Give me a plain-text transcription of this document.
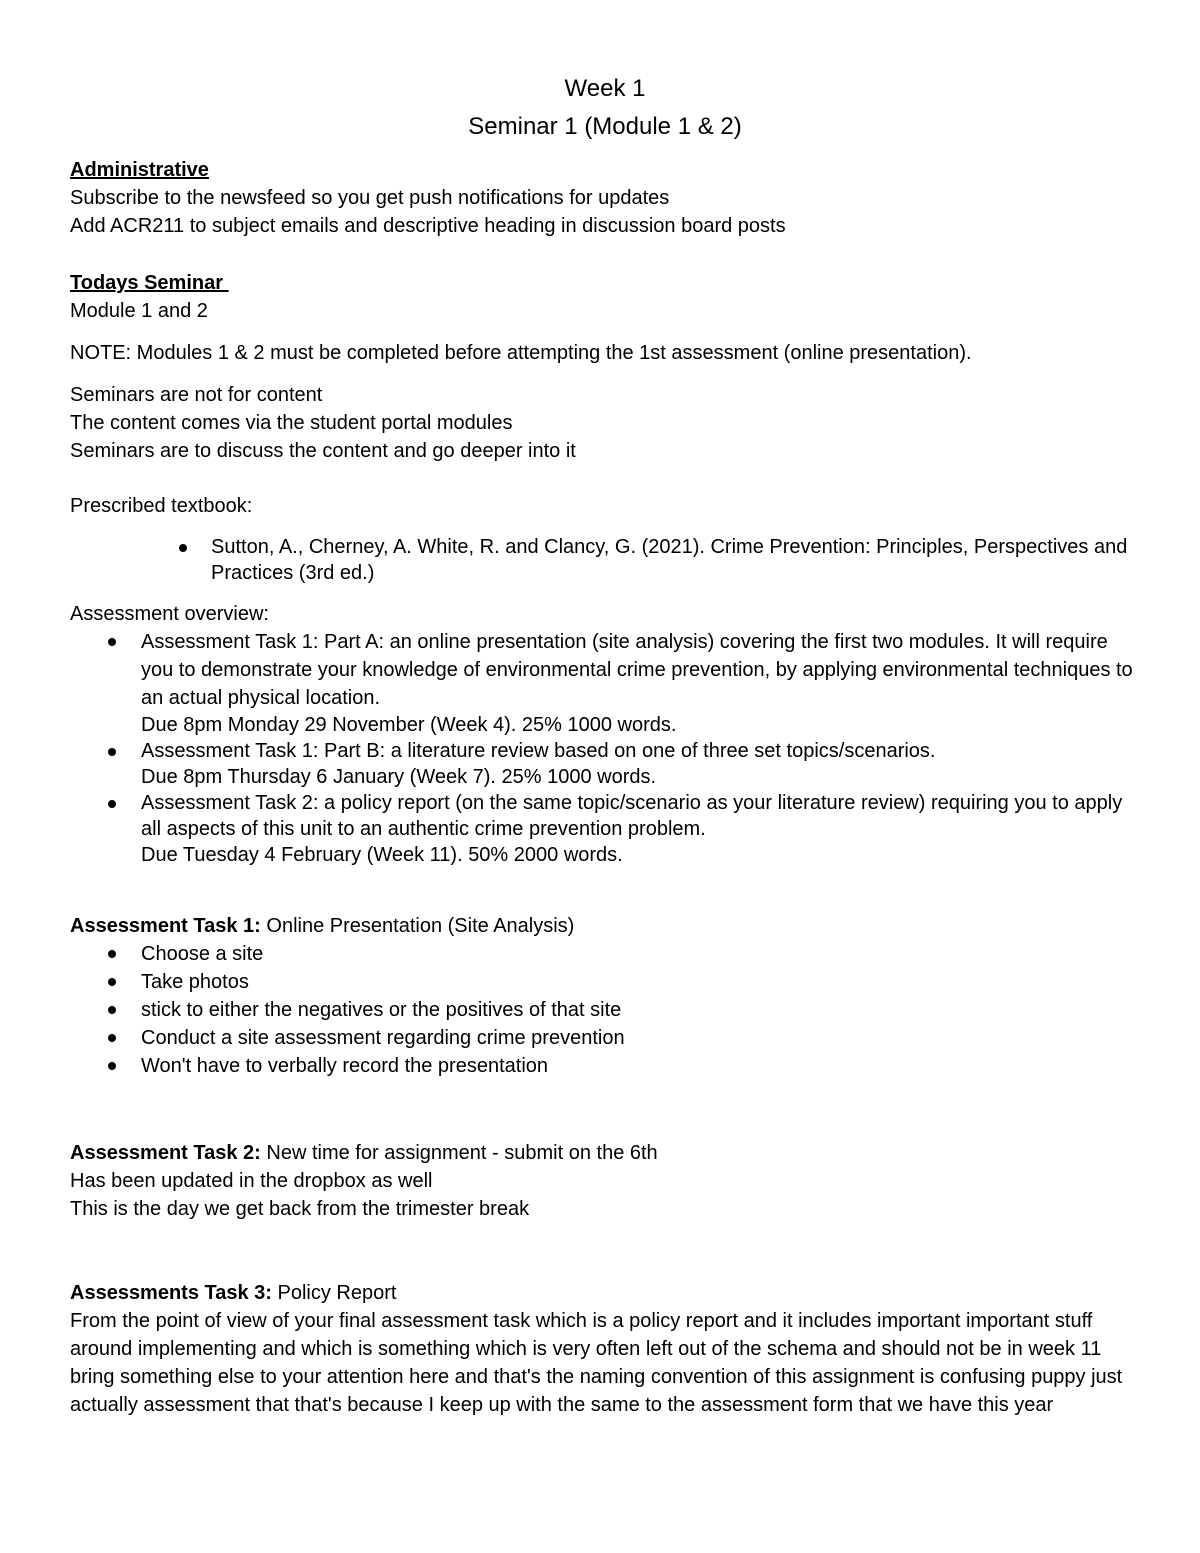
Week 1
Seminar 1 (Module 1 & 2)

Administrative

Subscribe to the newsfeed so you get push notifications for updates

Add ACR211 to subject emails and descriptive heading in discussion board posts

Todays Seminar

Module 1 and 2

NOTE: Modules 1 & 2 must be completed before attempting the 1st assessment (online presentation).

Seminars are not for content

The content comes via the student portal modules

Seminars are to discuss the content and go deeper into it

Prescribed textbook:

Sutton, A., Cherney, A. White, R. and Clancy, G. (2021). Crime Prevention: Principles, Perspectives and Practices (3rd ed.)

Assessment overview:

Assessment Task 1: Part A: an online presentation (site analysis) covering the first two modules. It will require you to demonstrate your knowledge of environmental crime prevention, by applying environmental techniques to an actual physical location.
Due 8pm Monday 29 November (Week 4). 25% 1000 words.
Assessment Task 1: Part B: a literature review based on one of three set topics/scenarios.
Due 8pm Thursday 6 January (Week 7). 25% 1000 words.
Assessment Task 2: a policy report (on the same topic/scenario as your literature review) requiring you to apply all aspects of this unit to an authentic crime prevention problem.
Due Tuesday 4 February (Week 11). 50% 2000 words.

Assessment Task 1: Online Presentation (Site Analysis)

Choose a site
Take photos
stick to either the negatives or the positives of that site
Conduct a site assessment regarding crime prevention
Won't have to verbally record the presentation

Assessment Task 2: New time for assignment - submit on the 6th

Has been updated in the dropbox as well

This is the day we get back from the trimester break

Assessments Task 3: Policy Report

From the point of view of your final assessment task which is a policy report and it includes important important stuff around implementing and which is something which is very often left out of the schema and should not be in week 11 bring something else to your attention here and that's the naming convention of this assignment is confusing puppy just actually assessment that that's because I keep up with the same to the assessment form that we have this year
